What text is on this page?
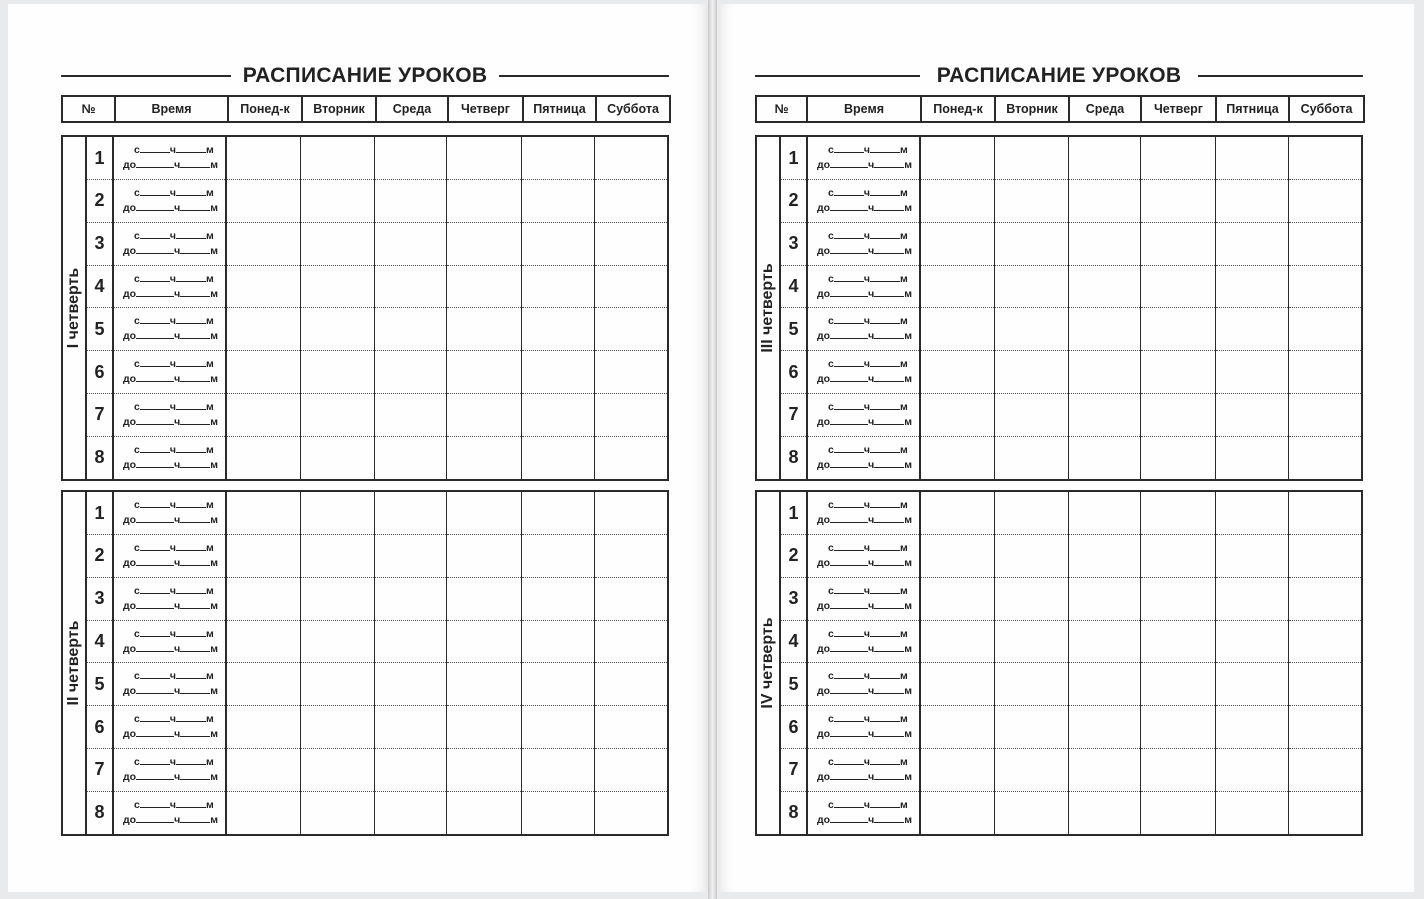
РАСПИСАНИЕ УРОКОВ
№	Время	Понед-к	Вторник	Среда	Четверг	Пятница	Суббота
I четверть	1	с ч м
до ч м						

	2	с ч м
до ч м						

	3	с ч м
до ч м						

	4	с ч м
до ч м						

	5	с ч м
до ч м						

	6	с ч м
до ч м						

	7	с ч м
до ч м						

	8	с ч м
до ч м						

II четверть	1	с ч м
до ч м						

	2	с ч м
до ч м						

	3	с ч м
до ч м						

	4	с ч м
до ч м						

	5	с ч м
до ч м						

	6	с ч м
до ч м						

	7	с ч м
до ч м						

	8	с ч м
до ч м						

РАСПИСАНИЕ УРОКОВ
№	Время	Понед-к	Вторник	Среда	Четверг	Пятница	Суббота
III четверть	1	с ч м
до ч м						

	2	с ч м
до ч м						

	3	с ч м
до ч м						

	4	с ч м
до ч м						

	5	с ч м
до ч м						

	6	с ч м
до ч м						

	7	с ч м
до ч м						

	8	с ч м
до ч м						

IV четверть	1	с ч м
до ч м						

	2	с ч м
до ч м						

	3	с ч м
до ч м						

	4	с ч м
до ч м						

	5	с ч м
до ч м						

	6	с ч м
до ч м						

	7	с ч м
до ч м						

	8	с ч м
до ч м						
